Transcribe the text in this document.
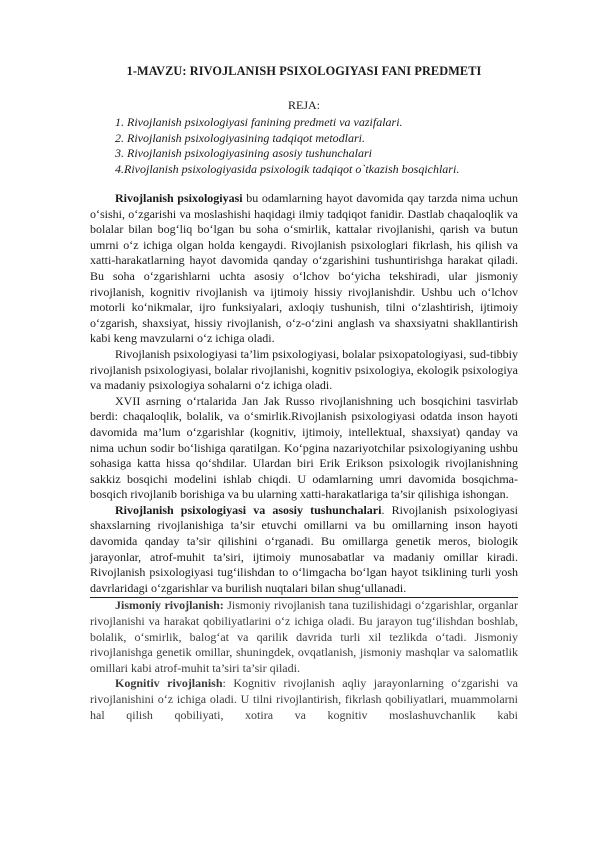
1-MAVZU: RIVOJLANISH PSIXOLOGIYASI FANI PREDMETI
REJA:
1. Rivojlanish psixologiyasi fanining predmeti va vazifalari.
2. Rivojlanish psixologiyasining tadqiqot metodlari.
3. Rivojlanish psixologiyasining asosiy tushunchalari
4.Rivojlanish psixologiyasida psixologik tadqiqot o`tkazish bosqichlari.

Rivojlanish psixologiyasi bu odamlarning hayot davomida qay tarzda nima uchun o‘sishi, o‘zgarishi va moslashishi haqidagi ilmiy tadqiqot fanidir. Dastlab chaqaloqlik va bolalar bilan bog‘liq bo‘lgan bu soha o‘smirlik, kattalar rivojlanishi, qarish va butun umrni o‘z ichiga olgan holda kengaydi. Rivojlanish psixologlari fikrlash, his qilish va xatti-harakatlarning hayot davomida qanday o‘zgarishini tushuntirishga harakat qiladi. Bu soha o‘zgarishlarni uchta asosiy o‘lchov bo‘yicha tekshiradi, ular jismoniy rivojlanish, kognitiv rivojlanish va ijtimoiy hissiy rivojlanishdir. Ushbu uch o‘lchov motorli ko‘nikmalar, ijro funksiyalari, axloqiy tushunish, tilni o‘zlashtirish, ijtimoiy o‘zgarish, shaxsiyat, hissiy rivojlanish, o‘z-o‘zini anglash va shaxsiyatni shakllantirish kabi keng mavzularni o‘z ichiga oladi.

Rivojlanish psixologiyasi ta’lim psixologiyasi, bolalar psixopatologiyasi, sud-tibbiy rivojlanish psixologiyasi, bolalar rivojlanishi, kognitiv psixologiya, ekologik psixologiya va madaniy psixologiya sohalarni o‘z ichiga oladi.

XVII asrning o‘rtalarida Jan Jak Russo rivojlanishning uch bosqichini tasvirlab berdi: chaqaloqlik, bolalik, va o‘smirlik.Rivojlanish psixologiyasi odatda inson hayoti davomida ma’lum o‘zgarishlar (kognitiv, ijtimoiy, intellektual, shaxsiyat) qanday va nima uchun sodir bo‘lishiga qaratilgan. Ko‘pgina nazariyotchilar psixologiyaning ushbu sohasiga katta hissa qo‘shdilar. Ulardan biri Erik Erikson psixologik rivojlanishning sakkiz bosqichi modelini ishlab chiqdi. U odamlarning umri davomida bosqichma-bosqich rivojlanib borishiga va bu ularning xatti-harakatlariga ta’sir qilishiga ishongan.

Rivojlanish psixologiyasi va asosiy tushunchalari. Rivojlanish psixologiyasi shaxslarning rivojlanishiga ta’sir etuvchi omillarni va bu omillarning inson hayoti davomida qanday ta’sir qilishini o‘rganadi. Bu omillarga genetik meros, biologik jarayonlar, atrof-muhit ta’siri, ijtimoiy munosabatlar va madaniy omillar kiradi. Rivojlanish psixologiyasi tug‘ilishdan to o‘limgacha bo‘lgan hayot tsiklining turli yosh davrlaridagi o‘zgarishlar va burilish nuqtalari bilan shug‘ullanadi.

Jismoniy rivojlanish: Jismoniy rivojlanish tana tuzilishidagi o‘zgarishlar, organlar rivojlanishi va harakat qobiliyatlarini o‘z ichiga oladi. Bu jarayon tug‘ilishdan boshlab, bolalik, o‘smirlik, balog‘at va qarilik davrida turli xil tezlikda o‘tadi. Jismoniy rivojlanishga genetik omillar, shuningdek, ovqatlanish, jismoniy mashqlar va salomatlik omillari kabi atrof-muhit ta’siri ta’sir qiladi.

Kognitiv rivojlanish: Kognitiv rivojlanish aqliy jarayonlarning o‘zgarishi va rivojlanishini o‘z ichiga oladi. U tilni rivojlantirish, fikrlash qobiliyatlari, muammolarni hal qilish qobiliyati, xotira va kognitiv moslashuvchanlik kabi
